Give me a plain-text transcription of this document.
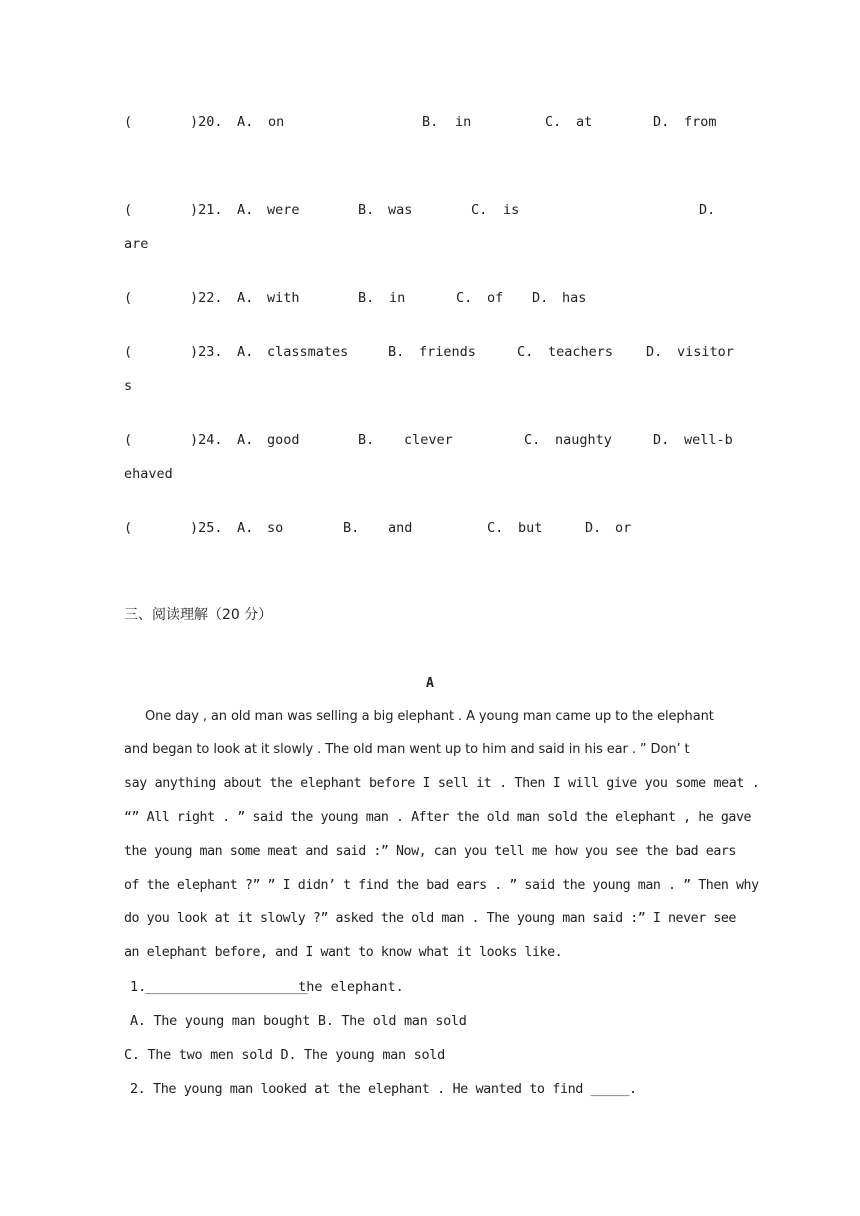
(	)20. A. on	B. in	C. at	D. from
(	)21. A. were	B. was	C. is	D.
are
(	)22. A. with	B. in	C. of D. has
(	)23. A. classmates	B. friends	C. teachers D. visitor
s
(	)24. A. good	B. clever	C. naughty	D. well-b
ehaved
(	)25. A. so	B. and	C. but	D. or
三、阅读理解（20 分）
A
One day , an old man was selling a big elephant . A young man came up to the elephant
and began to look at it slowly . The old man went up to him and said in his ear . ” Don’ t
say anything about the elephant before I sell it . Then I will give you some meat .
“” All right . ” said the young man . After the old man sold the elephant , he gave
the young man some meat and said :” Now, can you tell me how you see the bad ears
of the elephant ?” ” I didn’ t find the bad ears . ” said the young man . ” Then why
do you look at it slowly ?” asked the old man . The young man said :” I never see
an elephant before, and I want to know what it looks like.
1.
____________________
the elephant.
A. The young man bought B. The old man sold
C. The two men sold D. The young man sold
2. The young man looked at the elephant . He wanted to find _____.
